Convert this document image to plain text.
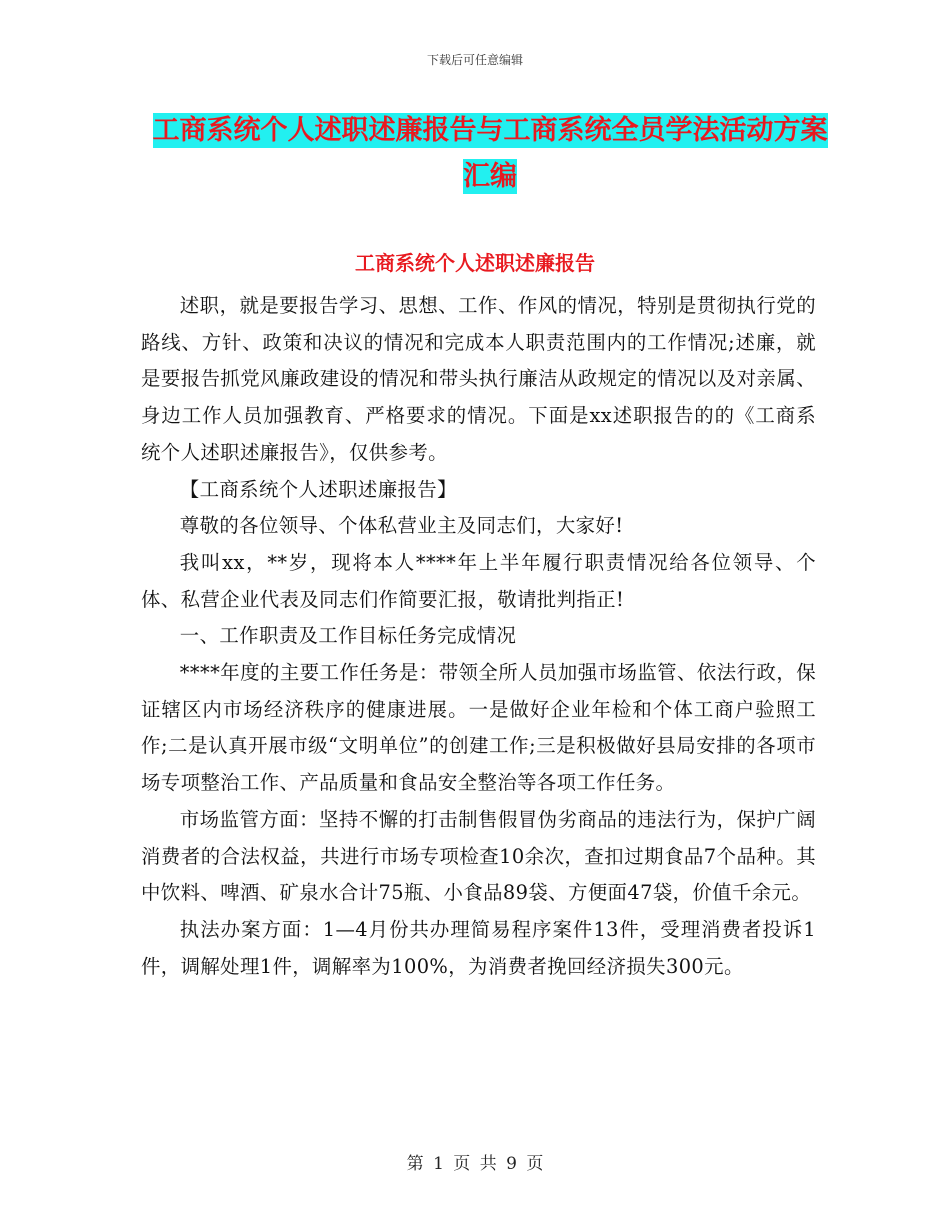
下载后可任意编辑
工商系统个人述职述廉报告与工商系统全员学法活动方案汇编
工商系统个人述职述廉报告

述职，就是要报告学习、思想、工作、作风的情况，特别是贯彻执行党的路线、方针、政策和决议的情况和完成本人职责范围内的工作情况;述廉，就是要报告抓党风廉政建设的情况和带头执行廉洁从政规定的情况以及对亲属、身边工作人员加强教育、严格要求的情况。下面是xx述职报告的的《工商系统个人述职述廉报告》，仅供参考。

【工商系统个人述职述廉报告】

尊敬的各位领导、个体私营业主及同志们，大家好!

我叫xx，**岁，现将本人****年上半年履行职责情况给各位领导、个体、私营企业代表及同志们作简要汇报，敬请批判指正!

一、工作职责及工作目标任务完成情况

****年度的主要工作任务是：带领全所人员加强市场监管、依法行政，保证辖区内市场经济秩序的健康进展。一是做好企业年检和个体工商户验照工作;二是认真开展市级“文明单位”的创建工作;三是积极做好县局安排的各项市场专项整治工作、产品质量和食品安全整治等各项工作任务。

市场监管方面：坚持不懈的打击制售假冒伪劣商品的违法行为，保护广阔消费者的合法权益，共进行市场专项检查10余次，查扣过期食品7个品种。其中饮料、啤酒、矿泉水合计75瓶、小食品89袋、方便面47袋，价值千余元。

执法办案方面：1—4月份共办理简易程序案件13件，受理消费者投诉1件，调解处理1件，调解率为100%，为消费者挽回经济损失300元。

第 1 页 共 9 页
